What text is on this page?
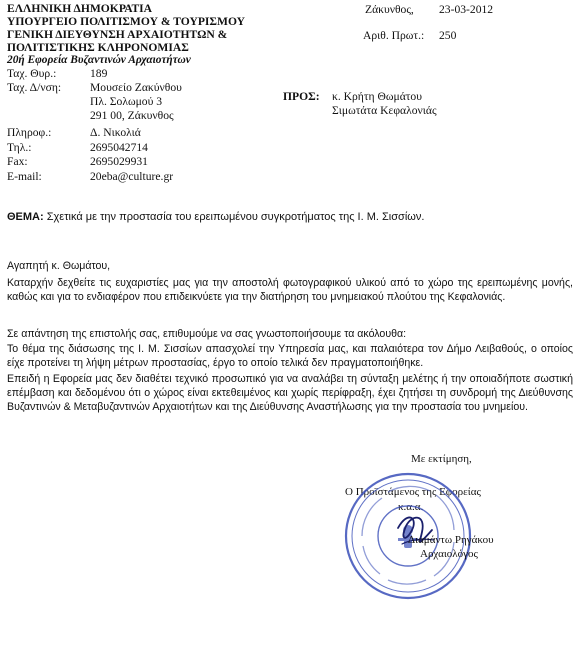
ΕΛΛΗΝΙΚΗ ΔΗΜΟΚΡΑΤΙΑ
ΥΠΟΥΡΓΕΙΟ ΠΟΛΙΤΙΣΜΟΥ & ΤΟΥΡΙΣΜΟΥ
ΓΕΝΙΚΗ ΔΙΕΥΘΥΝΣΗ ΑΡΧΑΙΟΤΗΤΩΝ &
ΠΟΛΙΤΙΣΤΙΚΗΣ ΚΛΗΡΟΝΟΜΙΑΣ
20ή Εφορεία Βυζαντινών Αρχαιοτήτων
Ζάκυνθος, 23-03-2012
Αριθ. Πρωτ.: 250
Ταχ. Θυρ.:	189
Ταχ. Δ/νση: Μουσείο Ζακύνθου
Πλ. Σολωμού 3
291 00, Ζάκυνθος
Πληροφ.:	Δ. Νικολιά
Τηλ.:	2695042714
Fax:	2695029931
E-mail:	20eba@culture.gr
ΠΡΟΣ: κ. Κρήτη Θωμάτου
Σιμωτάτα Κεφαλονιάς
ΘΕΜΑ: Σχετικά με την προστασία του ερειπωμένου συγκροτήματος της Ι. Μ. Σισσίων.
Αγαπητή κ. Θωμάτου,
Καταρχήν δεχθείτε τις ευχαριστίες μας για την αποστολή φωτογραφικού υλικού από το χώρο της ερειπωμένης μονής, καθώς και για το ενδιαφέρον που επιδεικνύετε για την διατήρηση του μνημειακού πλούτου της Κεφαλονιάς.
Σε απάντηση της επιστολής σας, επιθυμούμε να σας γνωστοποιήσουμε τα ακόλουθα:
Το θέμα της διάσωσης της Ι. Μ. Σισσίων απασχολεί την Υπηρεσία μας, και παλαιότερα τον Δήμο Λειβαθούς, ο οποίος είχε προτείνει τη λήψη μέτρων προστασίας, έργο το οποίο τελικά δεν πραγματοποιήθηκε.
Επειδή η Εφορεία μας δεν διαθέτει τεχνικό προσωπικό για να αναλάβει τη σύνταξη μελέτης ή την οποιαδήποτε σωστική επέμβαση και δεδομένου ότι ο χώρος είναι εκτεθειμένος και χωρίς περίφραξη, έχει ζητήσει τη συνδρομή της Διεύθυνσης Βυζαντινών & Μεταβυζαντινών Αρχαιοτήτων και της Διεύθυνσης Αναστήλωσης για την προστασία του μνημείου.
Με εκτίμηση,
Ο Προϊστάμενος της Εφορείας
κ.α.α.
Διαμάντω Ρηγάκου
Αρχαιολόγος
